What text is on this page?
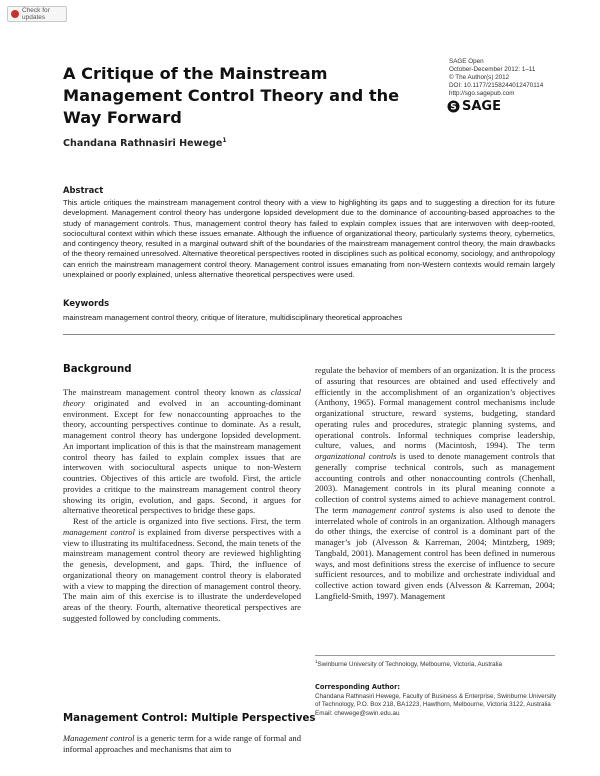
Check for updates
A Critique of the Mainstream Management Control Theory and the Way Forward
SAGE Open
October-December 2012: 1–11
© The Author(s) 2012
DOI: 10.1177/2158244012470114
http://sgo.sagepub.com
S SAGE
Chandana Rathnasiri Hewege$^1$
Abstract
This article critiques the mainstream management control theory with a view to highlighting its gaps and to suggesting a direction for its future development. Management control theory has undergone lopsided development due to the dominance of accounting-based approaches to the study of management controls. Thus, management control theory has failed to explain complex issues that are interwoven with deep-rooted, sociocultural context within which these issues emanate. Although the influence of organizational theory, particularly systems theory, cybernetics, and contingency theory, resulted in a marginal outward shift of the boundaries of the mainstream management control theory, the main drawbacks of the theory remained unresolved. Alternative theoretical perspectives rooted in disciplines such as political economy, sociology, and anthropology can enrich the mainstream management control theory. Management control issues emanating from non-Western contexts would remain largely unexplained or poorly explained, unless alternative theoretical perspectives were used.
Keywords
mainstream management control theory, critique of literature, multidisciplinary theoretical approaches
Background

The mainstream management control theory known as classical theory originated and evolved in an accounting-dominant environment. Except for few nonaccounting approaches to the theory, accounting perspectives continue to dominate. As a result, management control theory has undergone lopsided development. An important implication of this is that the mainstream management control theory has failed to explain complex issues that are interwoven with sociocultural aspects unique to non-Western countries. Objectives of this article are twofold. First, the article provides a critique to the mainstream management control theory showing its origin, evolution, and gaps. Second, it argues for alternative theoretical perspectives to bridge these gaps.

Rest of the article is organized into five sections. First, the term management control is explained from diverse perspectives with a view to illustrating its multifacedness. Second, the main tenets of the mainstream management control theory are reviewed highlighting the genesis, development, and gaps. Third, the influence of organizational theory on management control theory is elaborated with a view to mapping the direction of management control theory. The main aim of this exercise is to illustrate the underdeveloped areas of the theory. Fourth, alternative theoretical perspectives are suggested followed by concluding comments.

Management Control: Multiple Perspectives

Management control is a generic term for a wide range of formal and informal approaches and mechanisms that aim to

regulate the behavior of members of an organization. It is the process of assuring that resources are obtained and used effectively and efficiently in the accomplishment of an organization’s objectives (Anthony, 1965). Formal management control mechanisms include organizational structure, reward systems, budgeting, standard operating rules and procedures, strategic planning systems, and operational controls. Informal techniques comprise leadership, culture, values, and norms (Macintosh, 1994). The term organizational controls is used to denote management controls that generally comprise technical controls, such as management accounting controls and other nonaccounting controls (Chenhall, 2003). Management controls in its plural meaning connote a collection of control systems aimed to achieve management control. The term management control systems is also used to denote the interrelated whole of controls in an organization. Although managers do other things, the exercise of control is a dominant part of the manager’s job (Alvesson & Karreman, 2004; Mintzberg, 1989; Tangbald, 2001). Management control has been defined in numerous ways, and most definitions stress the exercise of influence to secure sufficient resources, and to mobilize and orchestrate individual and collective action toward given ends (Alvesson & Karreman, 2004; Langfield-Smith, 1997). Management

$^1$Swinburne University of Technology, Melbourne, Victoria, Australia
Corresponding Author:
Chandana Rathnasiri Hewege, Faculty of Business & Enterprise, Swinburne University of Technology, P.O. Box 218, BA1223, Hawthorn, Melbourne, Victoria 3122, Australia
Email: chewege@swin.edu.au
